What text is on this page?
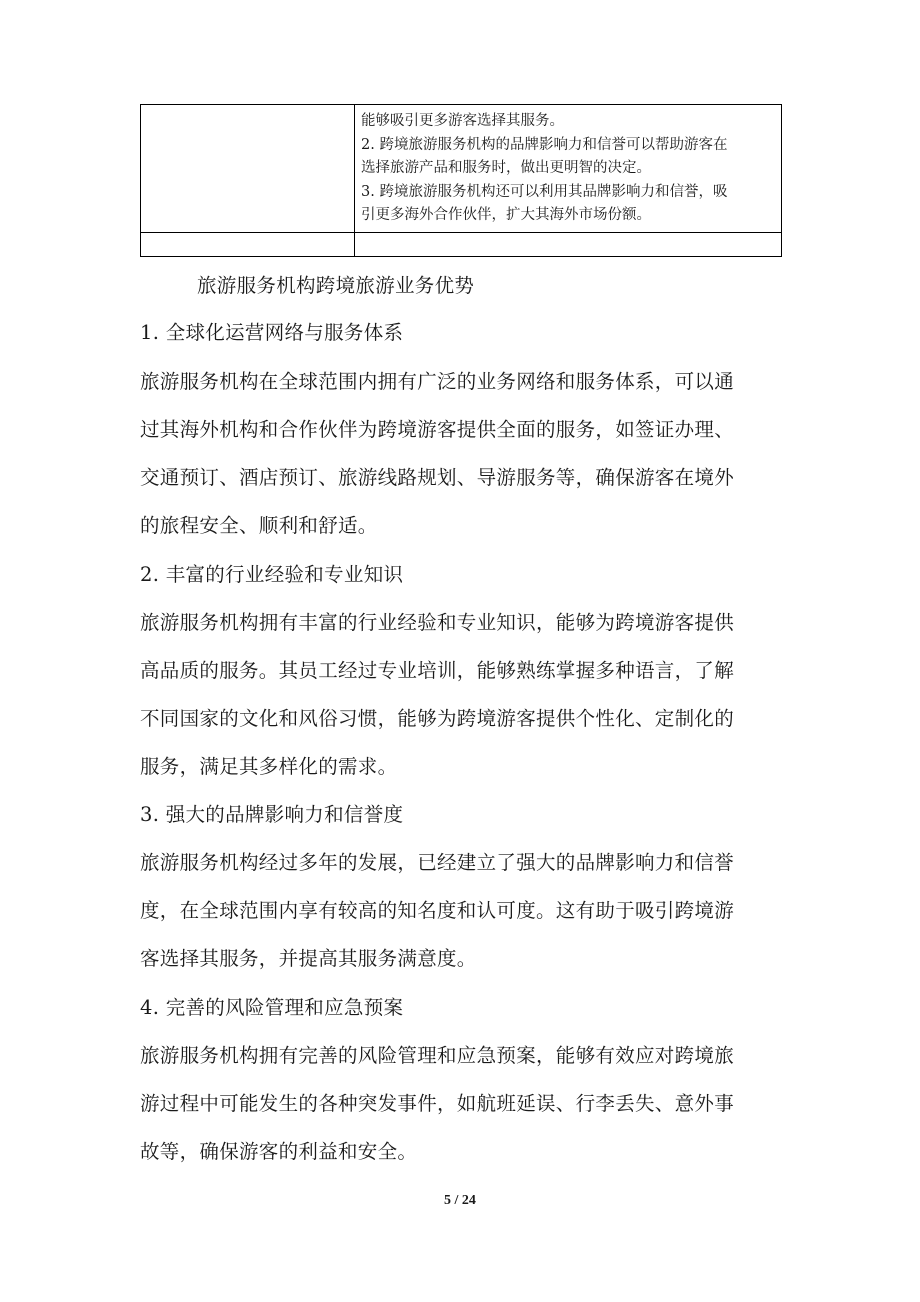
	能够吸引更多游客选择其服务。
2. 跨境旅游服务机构的品牌影响力和信誉可以帮助游客在
选择旅游产品和服务时，做出更明智的决定。
3. 跨境旅游服务机构还可以利用其品牌影响力和信誉，吸
引更多海外合作伙伴，扩大其海外市场份额。

旅游服务机构跨境旅游业务优势
1. 全球化运营网络与服务体系
旅游服务机构在全球范围内拥有广泛的业务网络和服务体系，可以通
过其海外机构和合作伙伴为跨境游客提供全面的服务，如签证办理、
交通预订、酒店预订、旅游线路规划、导游服务等，确保游客在境外
的旅程安全、顺利和舒适。
2. 丰富的行业经验和专业知识
旅游服务机构拥有丰富的行业经验和专业知识，能够为跨境游客提供
高品质的服务。其员工经过专业培训，能够熟练掌握多种语言，了解
不同国家的文化和风俗习惯，能够为跨境游客提供个性化、定制化的
服务，满足其多样化的需求。
3. 强大的品牌影响力和信誉度
旅游服务机构经过多年的发展，已经建立了强大的品牌影响力和信誉
度，在全球范围内享有较高的知名度和认可度。这有助于吸引跨境游
客选择其服务，并提高其服务满意度。
4. 完善的风险管理和应急预案
旅游服务机构拥有完善的风险管理和应急预案，能够有效应对跨境旅
游过程中可能发生的各种突发事件，如航班延误、行李丢失、意外事
故等，确保游客的利益和安全。
5 / 24
